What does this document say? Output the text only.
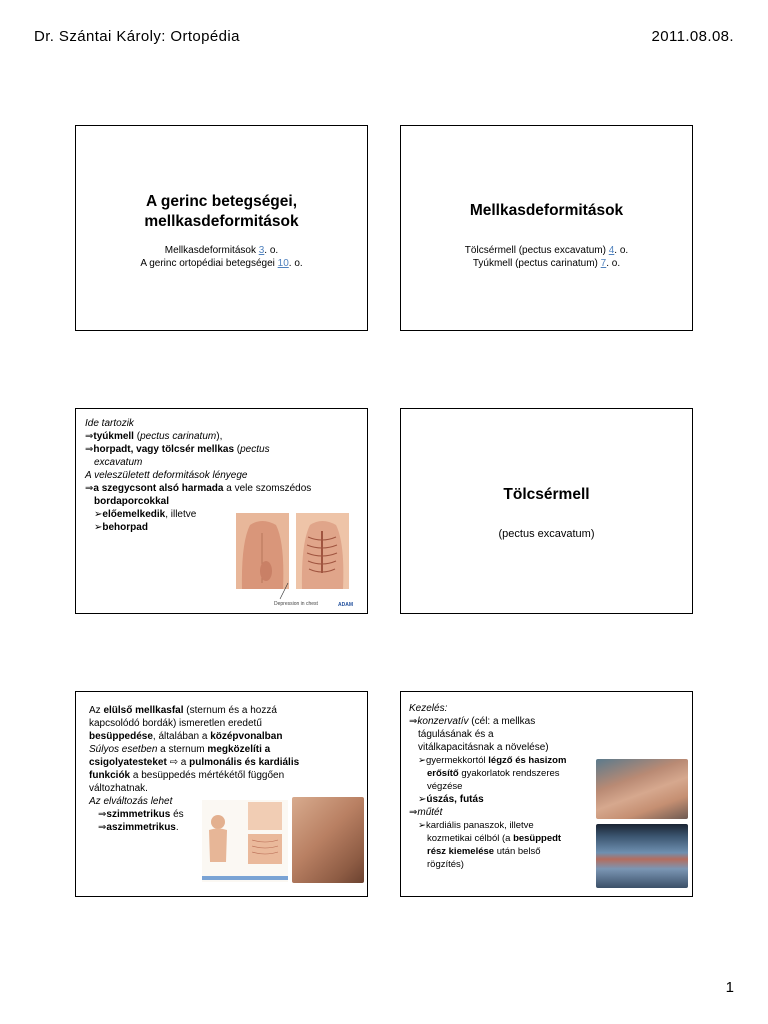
Dr. Szántai Károly: Ortopédia	2011.08.08.
A gerinc betegségei,
mellkasdeformitások
Mellkasdeformitások 3. o.
A gerinc ortopédiai betegségei 10. o.
Mellkasdeformitások
Tölcsérmell (pectus excavatum) 4. o.
Tyúkmell (pectus carinatum) 7. o.
Ide tartozik
⇒tyúkmell (pectus carinatum),
⇒horpadt, vagy tölcsér mellkas (pectus
excavatum
A veleszületett deformitások lényege
⇒a szegycsont alsó harmada a vele szomszédos
bordaporcokkal
➢előemelkedik, illetve
➢behorpad
Depression in chest	ADAM
Tölcsérmell
(pectus excavatum)
Az elülső mellkasfal (sternum és a hozzá
kapcsolódó bordák) ismeretlen eredetű
besüppedése, általában a középvonalban
Súlyos esetben a sternum megközelíti a
csigolyatesteket ⇨ a pulmonális és kardiális
funkciók a besüppedés mértékétől függően
változhatnak.
Az elváltozás lehet
⇒szimmetrikus és
⇒aszimmetrikus.
Kezelés:
⇒konzervatív (cél: a mellkas
tágulásának és a
vitálkapacitásnak a növelése)
➢gyermekkortól légző és hasizom
erősítő gyakorlatok rendszeres
végzése
➢úszás, futás
⇒műtét
➢kardiális panaszok, illetve
kozmetikai célból (a besüppedt
rész kiemelése után belső
rögzítés)
1
